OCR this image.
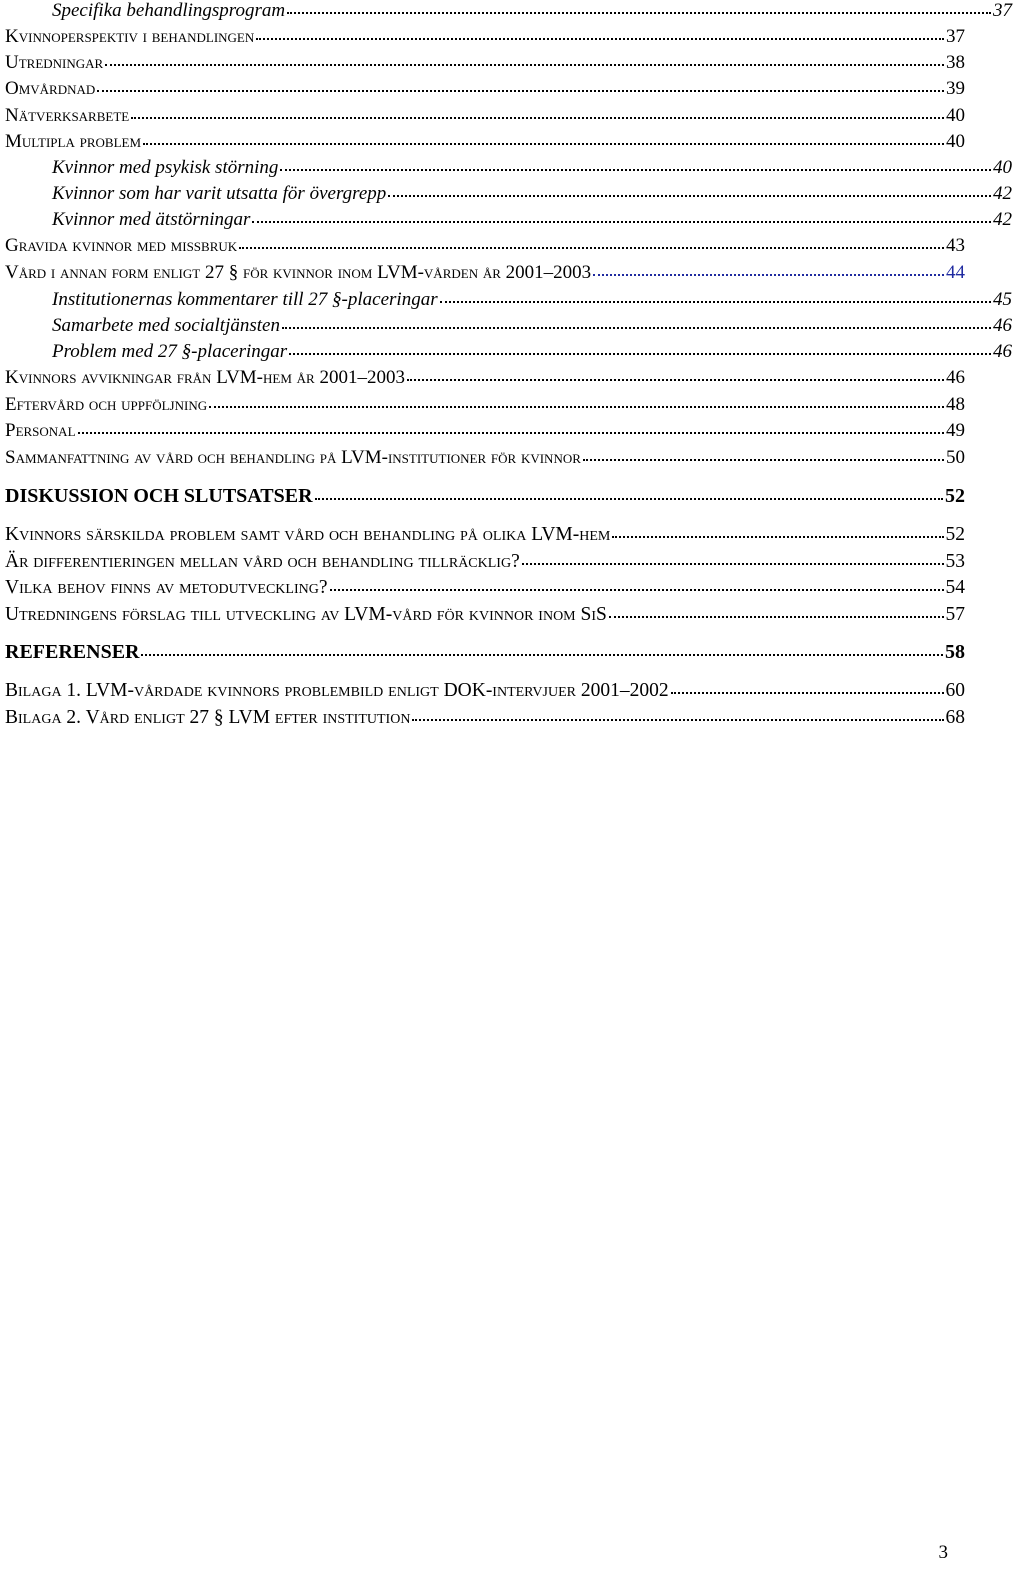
Specifika behandlingsprogram	37
Kvinnoperspektiv i behandlingen	37
Utredningar	38
Omvårdnad	39
Nätverksarbete	40
Multipla problem	40
Kvinnor med psykisk störning	40
Kvinnor som har varit utsatta för övergrepp	42
Kvinnor med ätstörningar	42
Gravida kvinnor med missbruk	43
Vård i annan form enligt 27 § för kvinnor inom LVM-vården år 2001–2003	44
Institutionernas kommentarer till 27 §-placeringar	45
Samarbete med socialtjänsten	46
Problem med 27 §-placeringar	46
Kvinnors avvikningar från LVM-hem år 2001–2003	46
Eftervård och uppföljning	48
Personal	49
Sammanfattning av vård och behandling på LVM-institutioner för kvinnor	50
DISKUSSION OCH SLUTSATSER	52
Kvinnors särskilda problem samt vård och behandling på olika LVM-hem	52
Är differentieringen mellan vård och behandling tillräcklig?	53
Vilka behov finns av metodutveckling?	54
Utredningens förslag till utveckling av LVM-vård för kvinnor inom SiS	57
REFERENSER	58
Bilaga 1. LVM-vårdade kvinnors problembild enligt DOK-intervjuer 2001–2002	60
Bilaga 2. Vård enligt 27 § LVM efter institution	68
3
